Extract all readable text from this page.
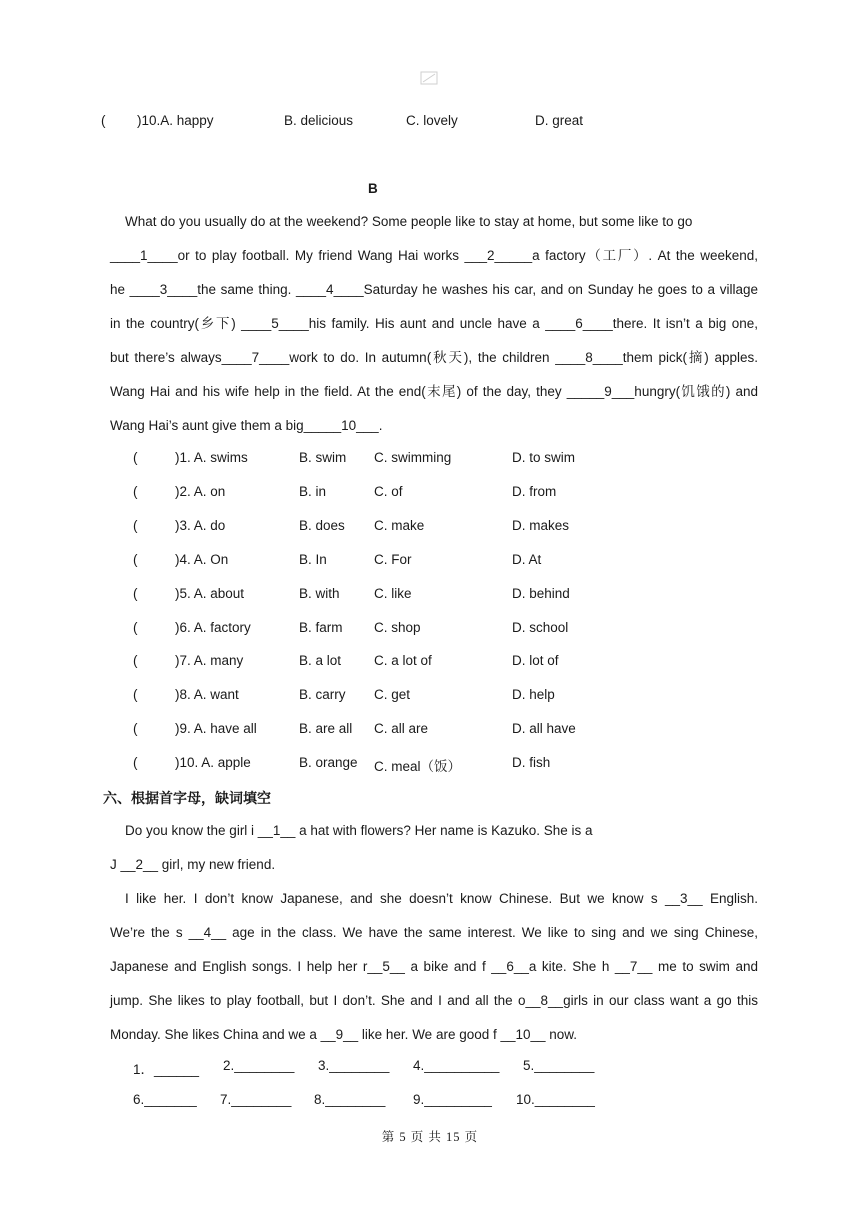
( )10.A. happy	B. delicious	C. lovely	D. great
B
What do you usually do at the weekend? Some people like to stay at home, but some like to go
____1____or to play football. My friend Wang Hai works ___2_____a factory（工厂）. At the weekend,
he ____3____the same thing. ____4____Saturday he washes his car, and on Sunday he goes to a village
in the country(乡下) ____5____his family. His aunt and uncle have a ____6____there. It isn’t a big one,
but there’s always____7____work to do. In autumn(秋天), the children ____8____them pick(摘) apples.
Wang Hai and his wife help in the field. At the end(末尾) of the day, they _____9___hungry(饥饿的) and
Wang Hai’s aunt give them a big_____10___.
(	)1. A. swims	B. swim C. swimming	D. to swim
(	)2. A. on	B. in	C. of	D. from
(	)3. A. do	B. does C. make	D. makes
(	)4. A. On	B. In	C. For	D. At
(	)5. A. about	B. with	C. like	D. behind
(	)6. A. factory	B. farm C. shop	D. school
(	)7. A. many	B. a lot C. a lot of	D. lot of
(	)8. A. want	B. carry C. get	D. help
(	)9. A. have all	B. are all C. all are	D. all have
(	)10. A. apple	B. orange C. meal（饭）	D. fish
六、根据首字母，缺词填空
Do you know the girl i __1__ a hat with flowers? Her name is Kazuko. She is a
J __2__ girl, my new friend.
I like her. I don’t know Japanese, and she doesn’t know Chinese. But we know s __3__ English.
We’re the s __4__ age in the class. We have the same interest. We like to sing and we sing Chinese,
Japanese and English songs. I help her r__5__ a bike and f __6__a kite. She h __7__ me to swim and
jump. She likes to play football, but I don’t. She and I and all the o__8__girls in our class want a go this
Monday. She likes China and we a __9__ like her. We are good f __10__ now.
1．______ 2.________ 3.________ 4.__________ 5.________
6._______ 7.________ 8.________ 9._________ 10.________
第 5 页 共 15 页
